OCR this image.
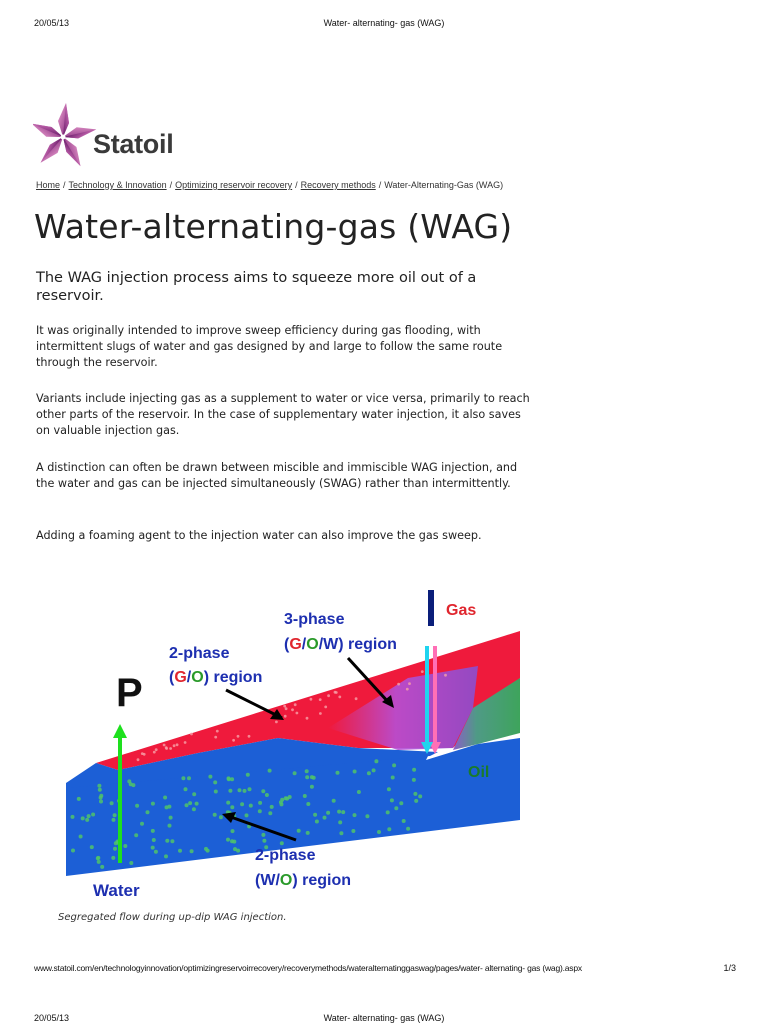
20/05/13	Water- alternating- gas (WAG)
Statoil
Home / Technology & Innovation / Optimizing reservoir recovery / Recovery methods / Water-Alternating-Gas (WAG)
Water-alternating-gas (WAG)

The WAG injection process aims to squeeze more oil out of a reservoir.

It was originally intended to improve sweep efficiency during gas flooding, with intermittent slugs of water and gas designed by and large to follow the same route through the reservoir.

Variants include injecting gas as a supplement to water or vice versa, primarily to reach other parts of the reservoir. In the case of supplementary water injection, it also saves on valuable injection gas.

A distinction can often be drawn between miscible and immiscible WAG injection, and the water and gas can be injected simultaneously (SWAG) rather than intermittently.

Adding a foaming agent to the injection water can also improve the gas sweep.

P
Gas
Oil
Water
2-phase
(G/O) region
3-phase
(G/O/W) region
2-phase
(W/O) region
Segregated flow during up-dip WAG injection.
www.statoil.com/en/technologyinnovation/optimizingreservoirrecovery/recoverymethods/wateralternatinggaswag/pages/water- alternating- gas (wag).aspx	1/3
20/05/13	Water- alternating- gas (WAG)
